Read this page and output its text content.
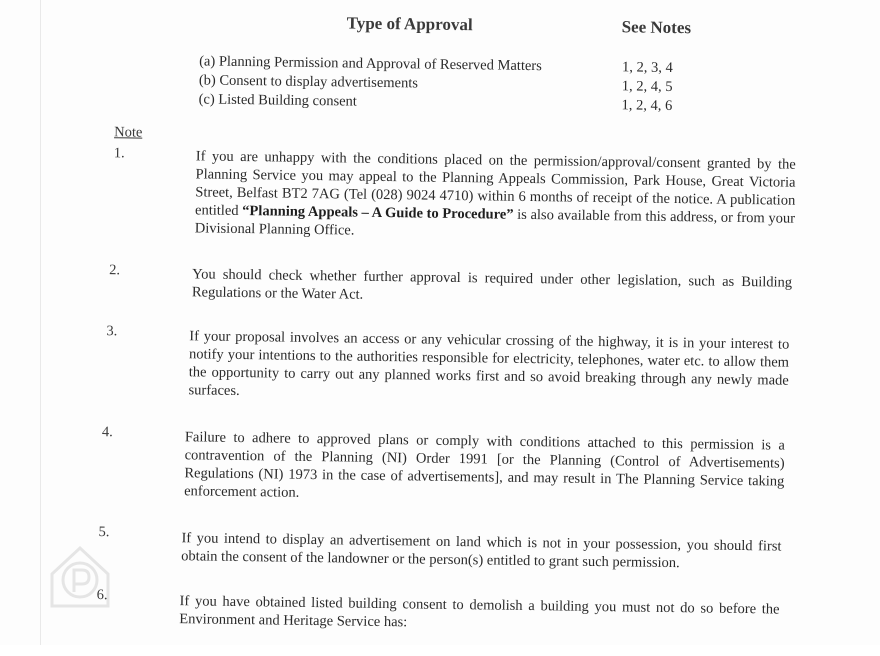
Type of Approval	See Notes
(a) Planning Permission and Approval of Reserved Matters	1, 2, 3, 4
(b) Consent to display advertisements	1, 2, 4, 5
(c) Listed Building consent	1, 2, 4, 6
Note
1.	If you are unhappy with the conditions placed on the permission/approval/consent granted by the Planning Service you may appeal to the Planning Appeals Commission, Park House, Great Victoria Street, Belfast BT2 7AG (Tel (028) 9024 4710) within 6 months of receipt of the notice. A publication entitled “Planning Appeals – A Guide to Procedure” is also available from this address, or from your Divisional Planning Office.
2.	You should check whether further approval is required under other legislation, such as Building Regulations or the Water Act.
3.	If your proposal involves an access or any vehicular crossing of the highway, it is in your interest to notify your intentions to the authorities responsible for electricity, telephones, water etc. to allow them the opportunity to carry out any planned works first and so avoid breaking through any newly made surfaces.
4.	Failure to adhere to approved plans or comply with conditions attached to this permission is a contravention of the Planning (NI) Order 1991 [or the Planning (Control of Advertisements) Regulations (NI) 1973 in the case of advertisements], and may result in The Planning Service taking enforcement action.
5.	If you intend to display an advertisement on land which is not in your possession, you should first obtain the consent of the landowner or the person(s) entitled to grant such permission.
6.	If you have obtained listed building consent to demolish a building you must not do so before the Environment and Heritage Service has:
